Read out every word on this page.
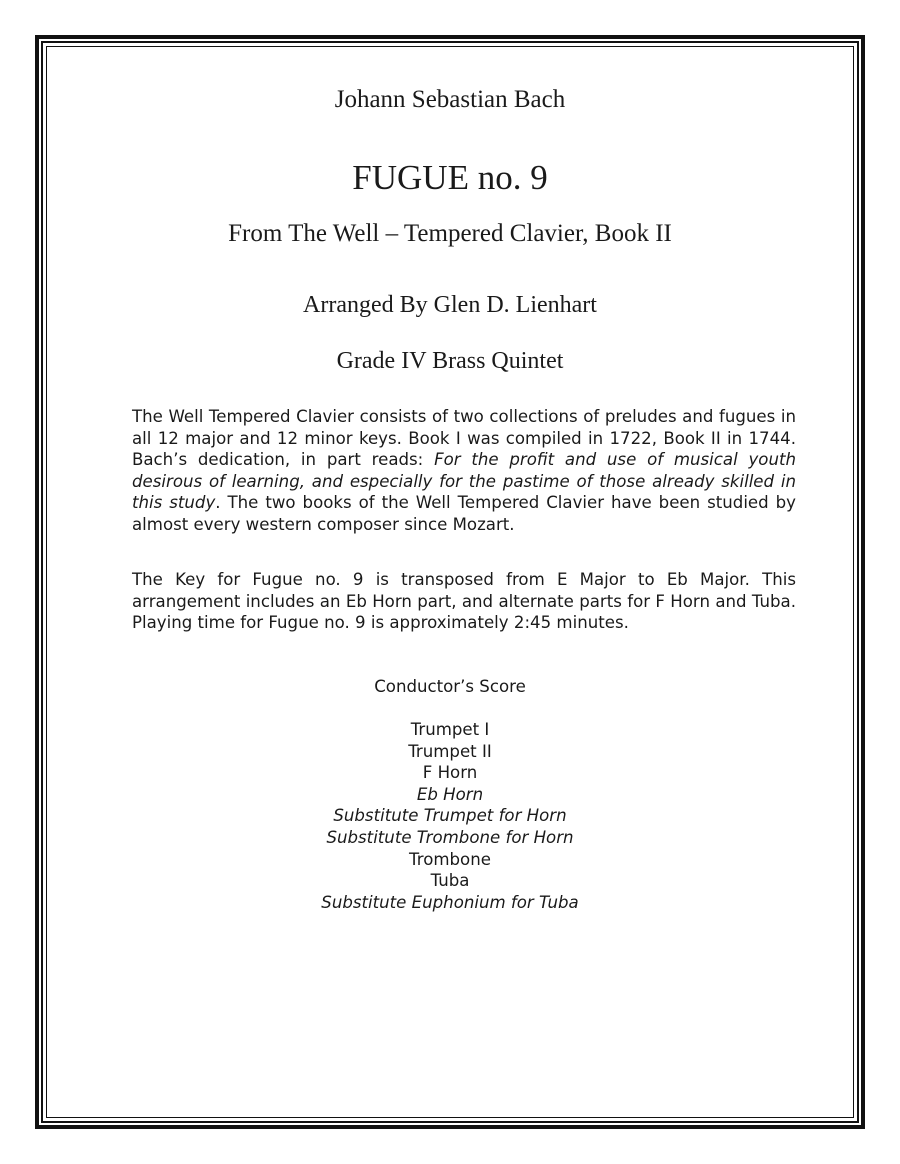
Johann Sebastian Bach
FUGUE no. 9
From The Well – Tempered Clavier, Book II
Arranged By Glen D. Lienhart
Grade IV Brass Quintet
The Well Tempered Clavier consists of two collections of preludes and fugues in all 12 major and 12 minor keys. Book I was compiled in 1722, Book II in 1744. Bach’s dedication, in part reads: For the profit and use of musical youth desirous of learning, and especially for the pastime of those already skilled in this study. The two books of the Well Tempered Clavier have been studied by almost every western composer since Mozart.
The Key for Fugue no. 9 is transposed from E Major to Eb Major. This arrangement includes an Eb Horn part, and alternate parts for F Horn and Tuba. Playing time for Fugue no. 9 is approximately 2:45 minutes.
Conductor’s Score
Trumpet I
Trumpet II
F Horn
Eb Horn
Substitute Trumpet for Horn
Substitute Trombone for Horn
Trombone
Tuba
Substitute Euphonium for Tuba
